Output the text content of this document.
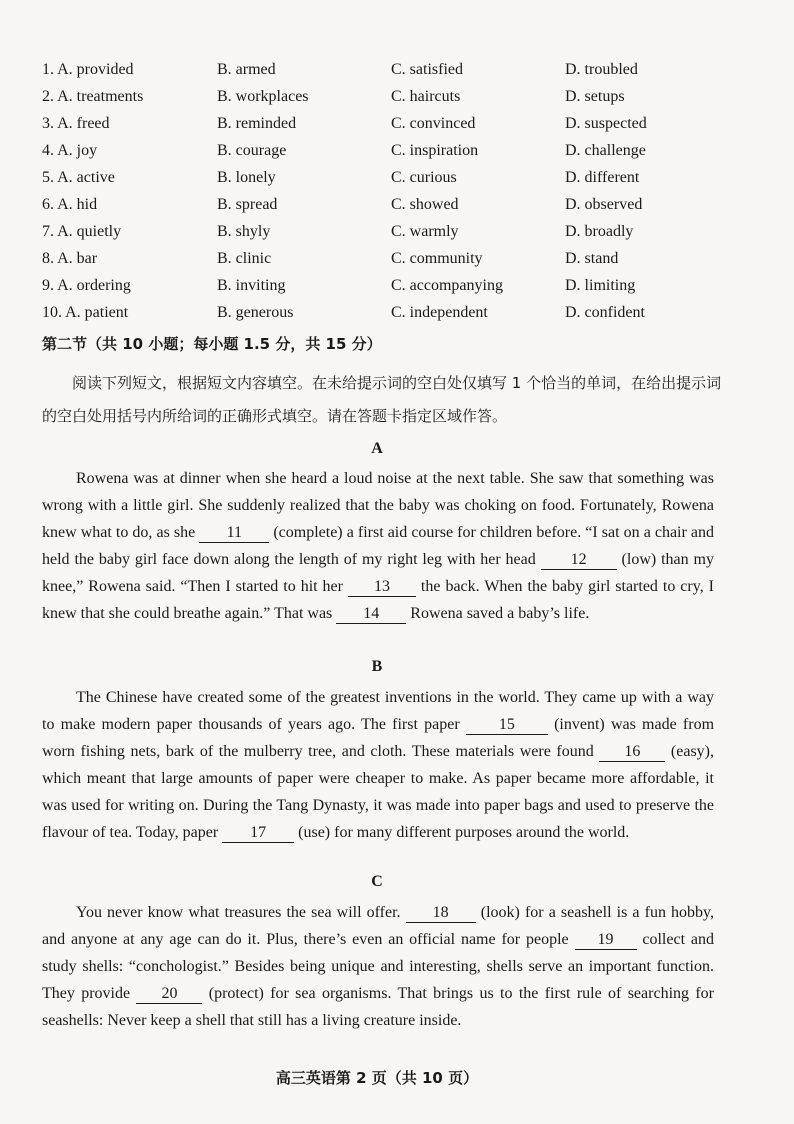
1. A. provided	B. armed	C. satisfied	D. troubled
2. A. treatments	B. workplaces	C. haircuts	D. setups
3. A. freed	B. reminded	C. convinced	D. suspected
4. A. joy	B. courage	C. inspiration	D. challenge
5. A. active	B. lonely	C. curious	D. different
6. A. hid	B. spread	C. showed	D. observed
7. A. quietly	B. shyly	C. warmly	D. broadly
8. A. bar	B. clinic	C. community	D. stand
9. A. ordering	B. inviting	C. accompanying	D. limiting
10. A. patient	B. generous	C. independent	D. confident
第二节（共 10 小题；每小题 1.5 分，共 15 分）
阅读下列短文，根据短文内容填空。在未给提示词的空白处仅填写 1 个恰当的单词，在给出提示词的空白处用括号内所给词的正确形式填空。请在答题卡指定区域作答。
A
Rowena was at dinner when she heard a loud noise at the next table. She saw that something was wrong with a little girl. She suddenly realized that the baby was choking on food. Fortunately, Rowena knew what to do, as she 11 (complete) a first aid course for children before. “I sat on a chair and held the baby girl face down along the length of my right leg with her head 12 (low) than my knee,” Rowena said. “Then I started to hit her 13 the back. When the baby girl started to cry, I knew that she could breathe again.” That was 14 Rowena saved a baby’s life.
B
The Chinese have created some of the greatest inventions in the world. They came up with a way to make modern paper thousands of years ago. The first paper 15 (invent) was made from worn fishing nets, bark of the mulberry tree, and cloth. These materials were found 16 (easy), which meant that large amounts of paper were cheaper to make. As paper became more affordable, it was used for writing on. During the Tang Dynasty, it was made into paper bags and used to preserve the flavour of tea. Today, paper 17 (use) for many different purposes around the world.
C
You never know what treasures the sea will offer. 18 (look) for a seashell is a fun hobby, and anyone at any age can do it. Plus, there’s even an official name for people 19 collect and study shells: “conchologist.” Besides being unique and interesting, shells serve an important function. They provide 20 (protect) for sea organisms. That brings us to the first rule of searching for seashells: Never keep a shell that still has a living creature inside.
高三英语第 2 页（共 10 页）
